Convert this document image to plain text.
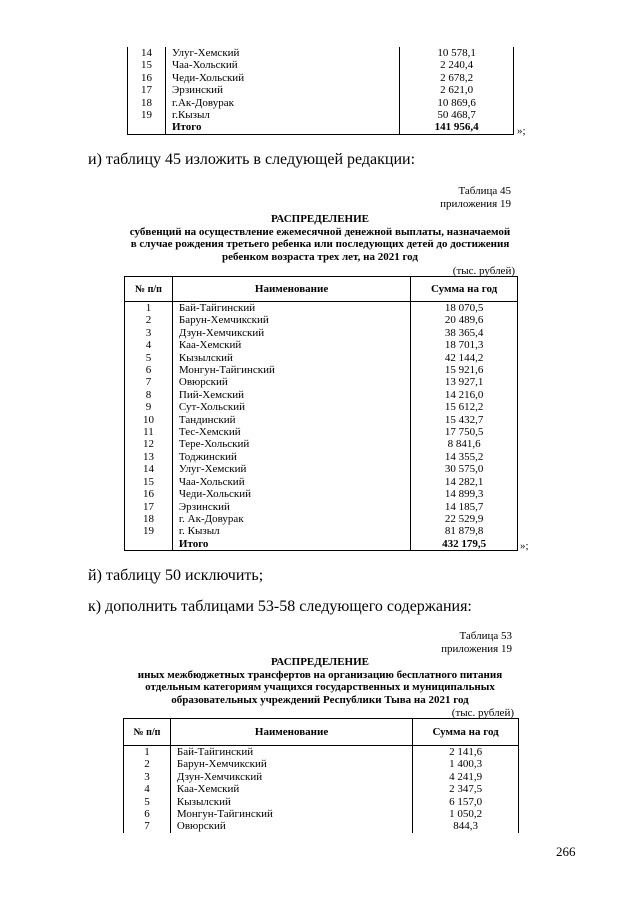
14	Улуг-Хемский	10 578,1
15	Чаа-Хольский	2 240,4
16	Чеди-Хольский	2 678,2
17	Эрзинский	2 621,0
18	г.Ак-Довурак	10 869,6
19	г.Кызыл	50 468,7
	Итого	141 956,4	»;
и) таблицу 45 изложить в следующей редакции:
Таблица 45
приложения 19
РАСПРЕДЕЛЕНИЕ
субвенций на осуществление ежемесячной денежной выплаты, назначаемой
в случае рождения третьего ребенка или последующих детей до достижения
ребенком возраста трех лет, на 2021 год
(тыс. рублей)
№ п/п	Наименование	Сумма на год
1	Бай-Тайгинский	18 070,5
2	Барун-Хемчикский	20 489,6
3	Дзун-Хемчикский	38 365,4
4	Каа-Хемский	18 701,3
5	Кызылский	42 144,2
6	Монгун-Тайгинский	15 921,6
7	Овюрский	13 927,1
8	Пий-Хемский	14 216,0
9	Сут-Хольский	15 612,2
10	Тандинский	15 432,7
11	Тес-Хемский	17 750,5
12	Тере-Хольский	8 841,6
13	Тоджинский	14 355,2
14	Улуг-Хемский	30 575,0
15	Чаа-Хольский	14 282,1
16	Чеди-Хольский	14 899,3
17	Эрзинский	14 185,7
18	г. Ак-Довурак	22 529,9
19	г. Кызыл	81 879,8
	Итого	432 179,5	»;
й) таблицу 50 исключить;
к) дополнить таблицами 53-58 следующего содержания:
Таблица 53
приложения 19
РАСПРЕДЕЛЕНИЕ
иных межбюджетных трансфертов на организацию бесплатного питания
отдельным категориям учащихся государственных и муниципальных
образовательных учреждений Республики Тыва на 2021 год
(тыс. рублей)
№ п/п	Наименование	Сумма на год
1	Бай-Тайгинский	2 141,6
2	Барун-Хемчикский	1 400,3
3	Дзун-Хемчикский	4 241,9
4	Каа-Хемский	2 347,5
5	Кызылский	6 157,0
6	Монгун-Тайгинский	1 050,2
7	Овюрский	844,3
266
